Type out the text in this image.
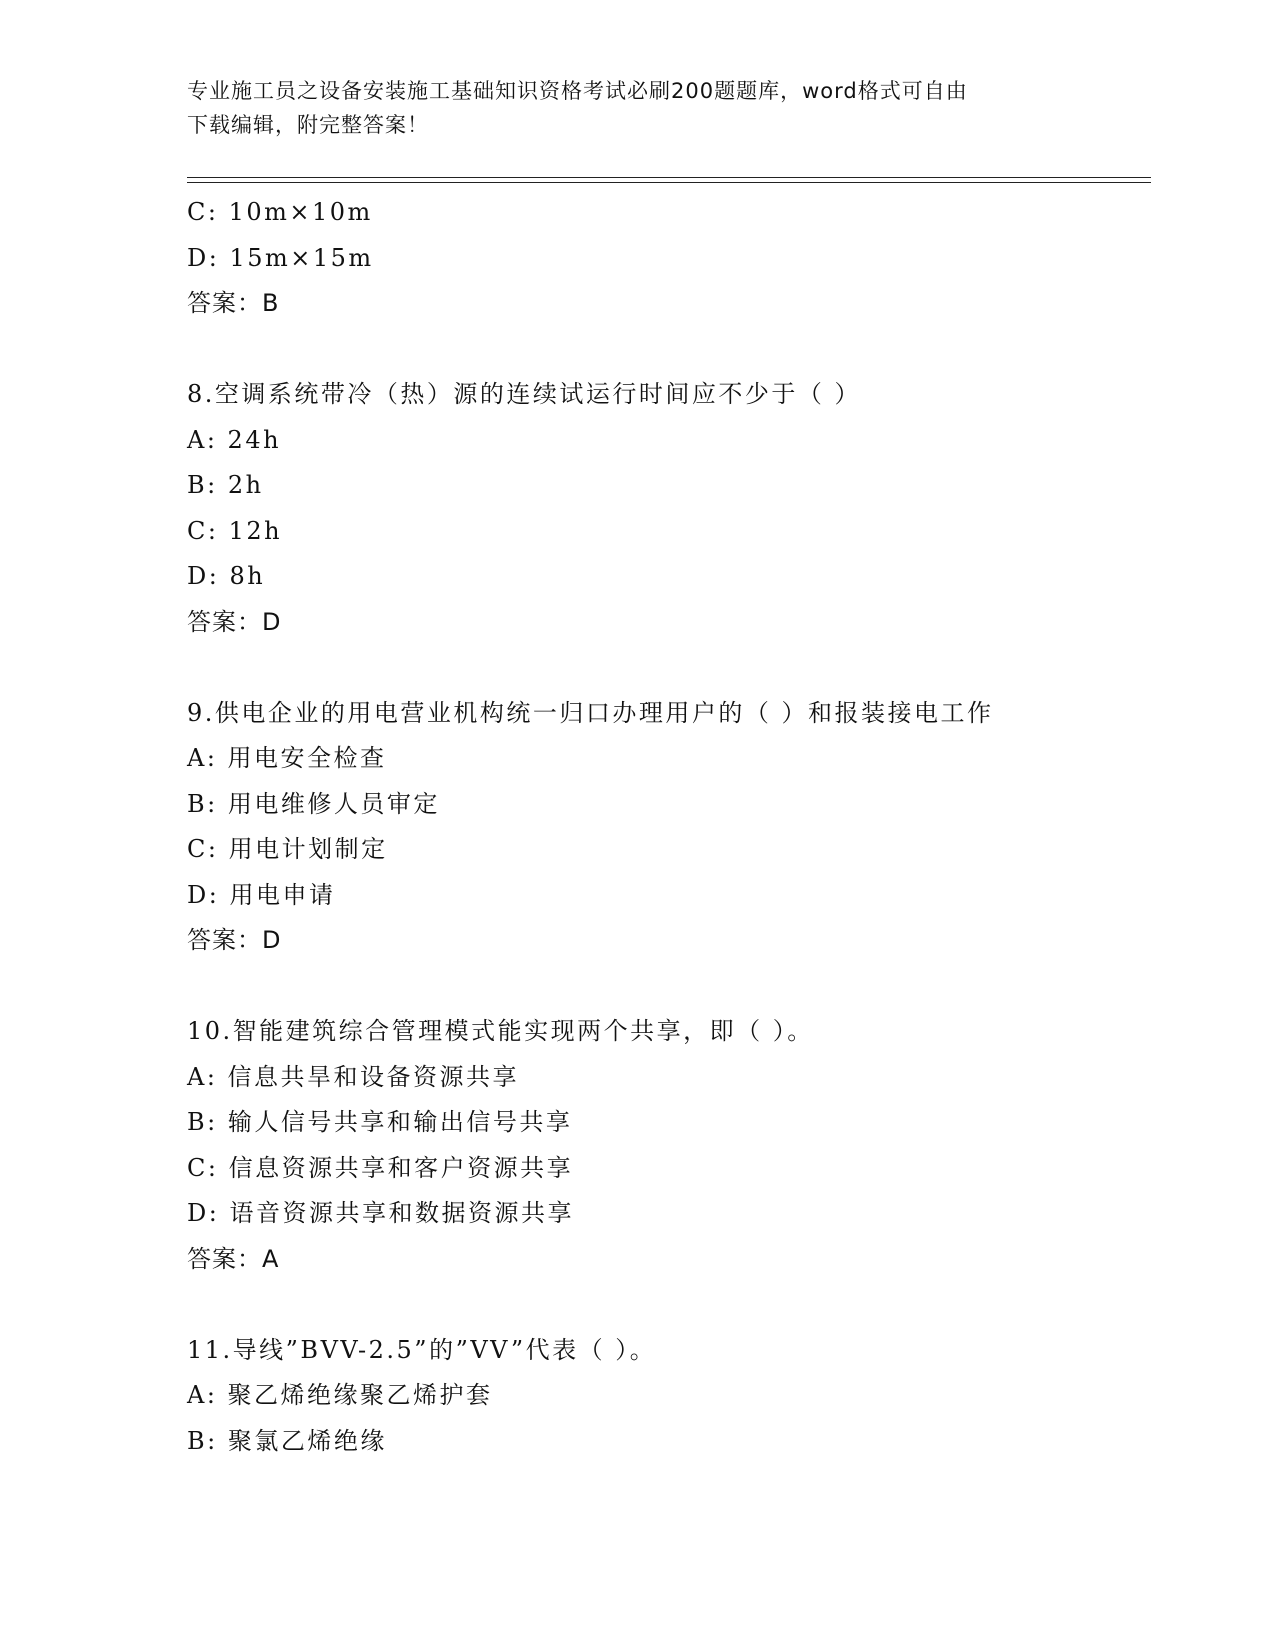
专业施工员之设备安装施工基础知识资格考试必刷200题题库，word格式可自由
下载编辑，附完整答案！
C: 10m×10m
D: 15m×15m
答案：B
8.空调系统带冷（热）源的连续试运行时间应不少于（ ）
A: 24h
B: 2h
C: 12h
D: 8h
答案：D
9.供电企业的用电营业机构统一归口办理用户的（ ）和报装接电工作
A: 用电安全检查
B: 用电维修人员审定
C: 用电计划制定
D: 用电申请
答案：D
10.智能建筑综合管理模式能实现两个共享，即（ ）。
A: 信息共旱和设备资源共享
B: 输人信号共享和输出信号共享
C: 信息资源共享和客户资源共享
D: 语音资源共享和数据资源共享
答案：A
11.导线”BVV-2.5”的”VV”代表（ ）。
A: 聚乙烯绝缘聚乙烯护套
B: 聚氯乙烯绝缘
